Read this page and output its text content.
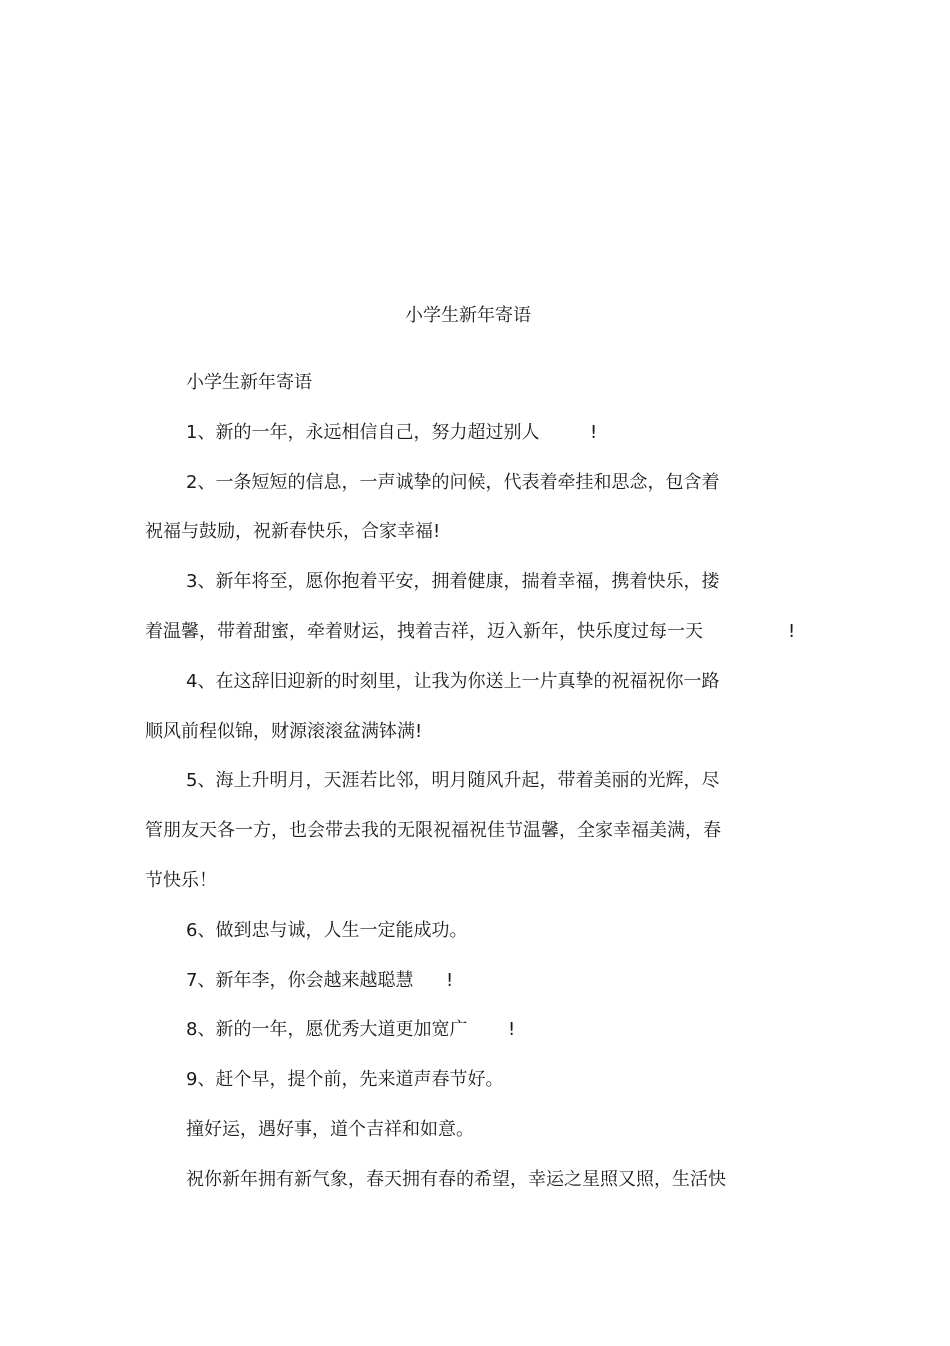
小学生新年寄语
小学生新年寄语
1、新的一年，永远相信自己，努力超过别人	!
2、一条短短的信息，一声诚挚的问候，代表着牵挂和思念，包含着
祝福与鼓励，祝新春快乐，合家幸福!
3、新年将至，愿你抱着平安，拥着健康，揣着幸福，携着快乐，搂
着温馨，带着甜蜜，牵着财运，拽着吉祥，迈入新年，快乐度过每一天	!
4、在这辞旧迎新的时刻里，让我为你送上一片真挚的祝福祝你一路
顺风前程似锦，财源滚滚盆满钵满!
5、海上升明月，天涯若比邻，明月随风升起，带着美丽的光辉，尽
管朋友天各一方，也会带去我的无限祝福祝佳节温馨，全家幸福美满，春
节快乐！
6、做到忠与诚，人生一定能成功。
7、新年李，你会越来越聪慧 !
8、新的一年，愿优秀大道更加宽广 !
9、赶个早，提个前，先来道声春节好。
撞好运，遇好事，道个吉祥和如意。
祝你新年拥有新气象，春天拥有春的希望，幸运之星照又照，生活快
